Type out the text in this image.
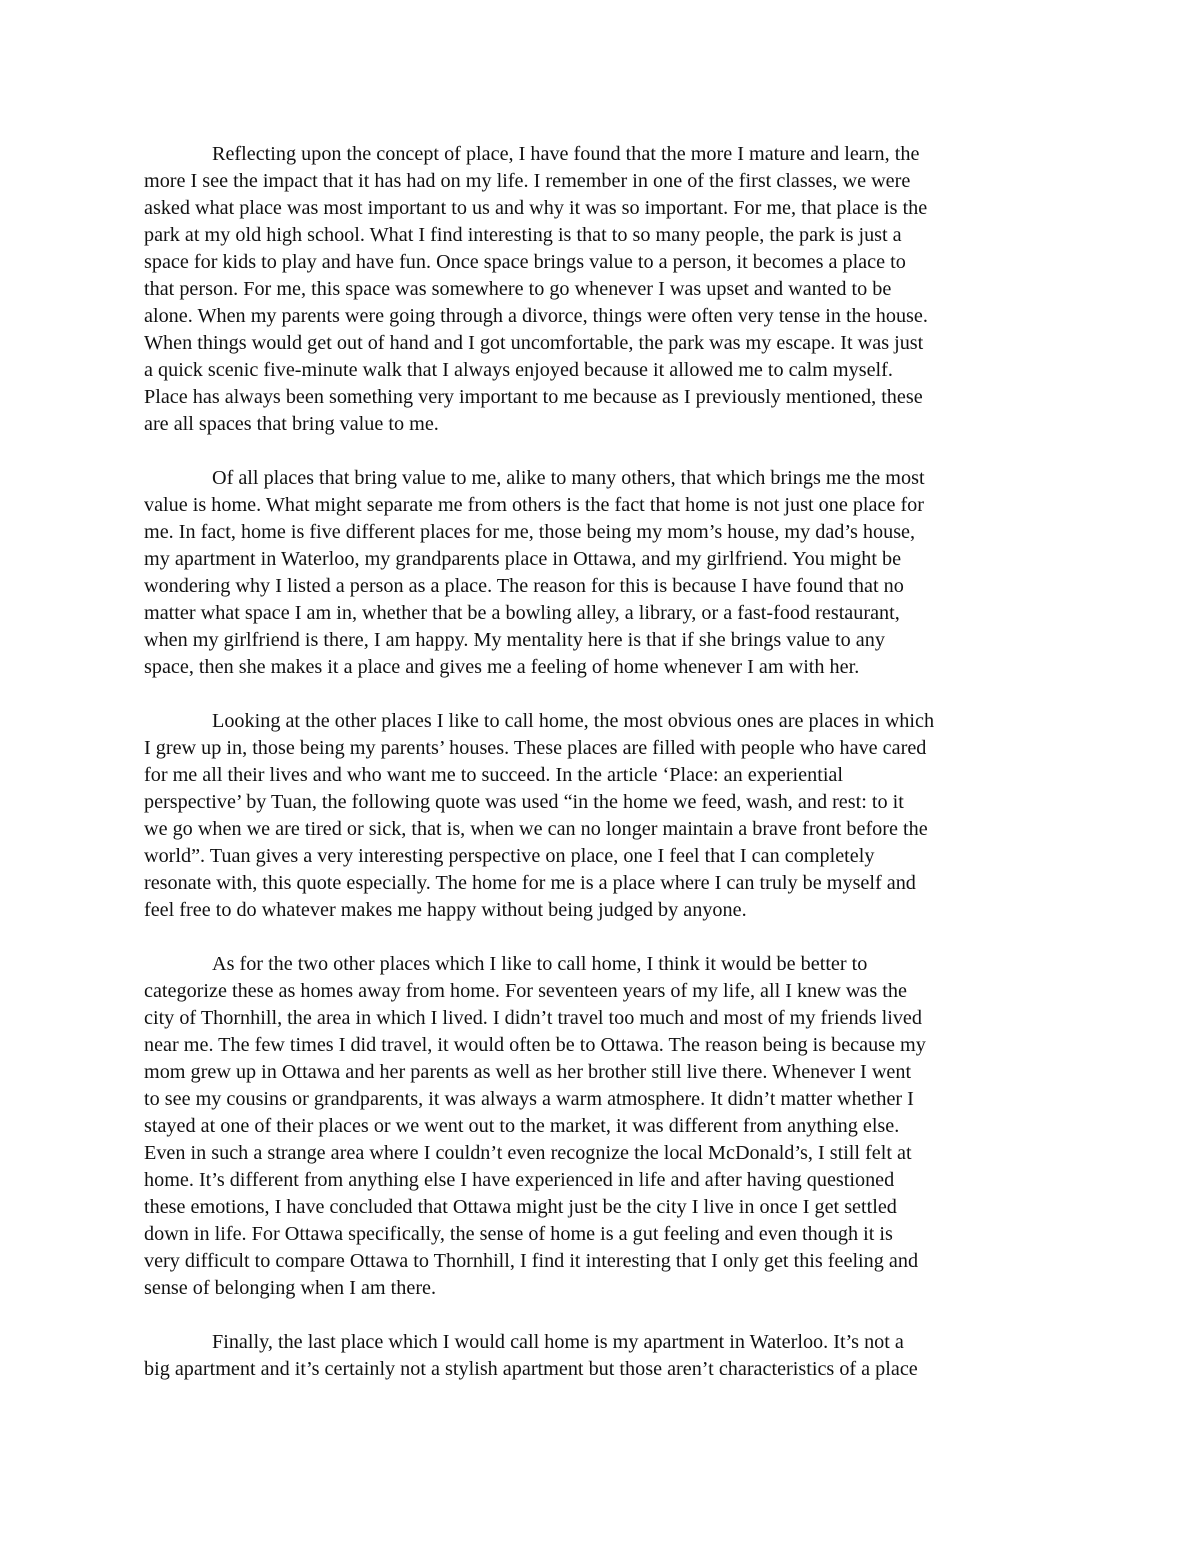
Reflecting upon the concept of place, I have found that the more I mature and learn, the
more I see the impact that it has had on my life. I remember in one of the first classes, we were
asked what place was most important to us and why it was so important. For me, that place is the
park at my old high school. What I find interesting is that to so many people, the park is just a
space for kids to play and have fun. Once space brings value to a person, it becomes a place to
that person. For me, this space was somewhere to go whenever I was upset and wanted to be
alone. When my parents were going through a divorce, things were often very tense in the house.
When things would get out of hand and I got uncomfortable, the park was my escape. It was just
a quick scenic five-minute walk that I always enjoyed because it allowed me to calm myself.
Place has always been something very important to me because as I previously mentioned, these
are all spaces that bring value to me.

Of all places that bring value to me, alike to many others, that which brings me the most
value is home. What might separate me from others is the fact that home is not just one place for
me. In fact, home is five different places for me, those being my mom’s house, my dad’s house,
my apartment in Waterloo, my grandparents place in Ottawa, and my girlfriend. You might be
wondering why I listed a person as a place. The reason for this is because I have found that no
matter what space I am in, whether that be a bowling alley, a library, or a fast-food restaurant,
when my girlfriend is there, I am happy. My mentality here is that if she brings value to any
space, then she makes it a place and gives me a feeling of home whenever I am with her.

Looking at the other places I like to call home, the most obvious ones are places in which
I grew up in, those being my parents’ houses. These places are filled with people who have cared
for me all their lives and who want me to succeed. In the article ‘Place: an experiential
perspective’ by Tuan, the following quote was used “in the home we feed, wash, and rest: to it
we go when we are tired or sick, that is, when we can no longer maintain a brave front before the
world”. Tuan gives a very interesting perspective on place, one I feel that I can completely
resonate with, this quote especially. The home for me is a place where I can truly be myself and
feel free to do whatever makes me happy without being judged by anyone.

As for the two other places which I like to call home, I think it would be better to
categorize these as homes away from home. For seventeen years of my life, all I knew was the
city of Thornhill, the area in which I lived. I didn’t travel too much and most of my friends lived
near me. The few times I did travel, it would often be to Ottawa. The reason being is because my
mom grew up in Ottawa and her parents as well as her brother still live there. Whenever I went
to see my cousins or grandparents, it was always a warm atmosphere. It didn’t matter whether I
stayed at one of their places or we went out to the market, it was different from anything else.
Even in such a strange area where I couldn’t even recognize the local McDonald’s, I still felt at
home. It’s different from anything else I have experienced in life and after having questioned
these emotions, I have concluded that Ottawa might just be the city I live in once I get settled
down in life. For Ottawa specifically, the sense of home is a gut feeling and even though it is
very difficult to compare Ottawa to Thornhill, I find it interesting that I only get this feeling and
sense of belonging when I am there.

Finally, the last place which I would call home is my apartment in Waterloo. It’s not a
big apartment and it’s certainly not a stylish apartment but those aren’t characteristics of a place
